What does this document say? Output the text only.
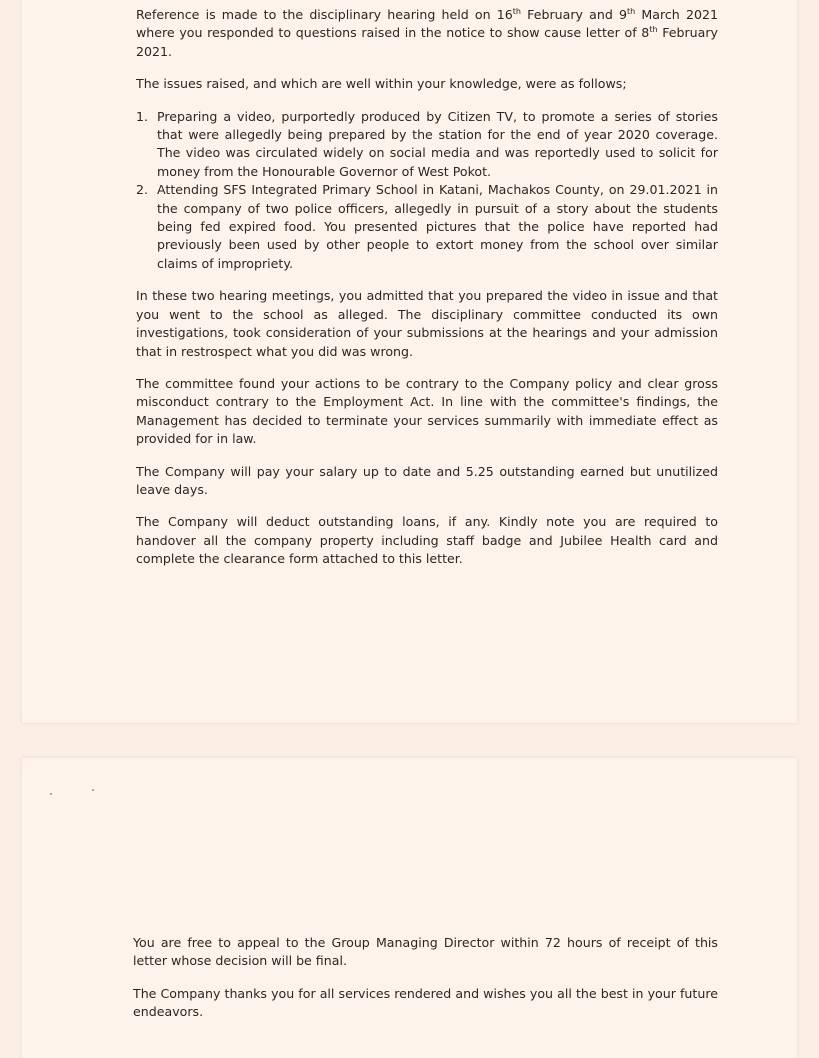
Reference is made to the disciplinary hearing held on 16th February and 9th March 2021 where you responded to questions raised in the notice to show cause letter of 8th February 2021.

The issues raised, and which are well within your knowledge, were as follows;

1. Preparing a video, purportedly produced by Citizen TV, to promote a series of stories that were allegedly being prepared by the station for the end of year 2020 coverage. The video was circulated widely on social media and was reportedly used to solicit for money from the Honourable Governor of West Pokot.
2. Attending SFS Integrated Primary School in Katani, Machakos County, on 29.01.2021 in the company of two police officers, allegedly in pursuit of a story about the students being fed expired food. You presented pictures that the police have reported had previously been used by other people to extort money from the school over similar claims of impropriety.

In these two hearing meetings, you admitted that you prepared the video in issue and that you went to the school as alleged. The disciplinary committee conducted its own investigations, took consideration of your submissions at the hearings and your admission that in restrospect what you did was wrong.

The committee found your actions to be contrary to the Company policy and clear gross misconduct contrary to the Employment Act. In line with the committee's findings, the Management has decided to terminate your services summarily with immediate effect as provided for in law.

The Company will pay your salary up to date and 5.25 outstanding earned but unutilized leave days.

The Company will deduct outstanding loans, if any. Kindly note you are required to handover all the company property including staff badge and Jubilee Health card and complete the clearance form attached to this letter.

You are free to appeal to the Group Managing Director within 72 hours of receipt of this letter whose decision will be final.

The Company thanks you for all services rendered and wishes you all the best in your future endeavors.
